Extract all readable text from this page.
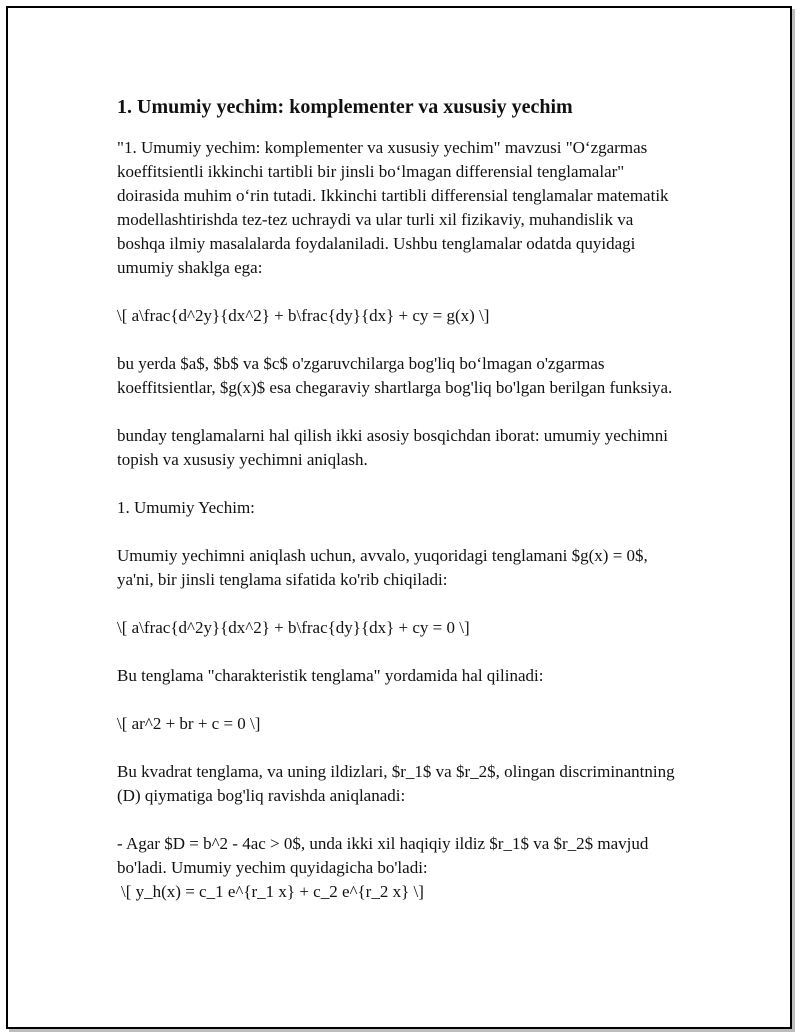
1. Umumiy yechim: komplementer va xususiy yechim

"1. Umumiy yechim: komplementer va xususiy yechim" mavzusi "O‘zgarmas koeffitsientli ikkinchi tartibli bir jinsli bo‘lmagan differensial tenglamalar" doirasida muhim o‘rin tutadi. Ikkinchi tartibli differensial tenglamalar matematik modellashtirishda tez-tez uchraydi va ular turli xil fizikaviy, muhandislik va boshqa ilmiy masalalarda foydalaniladi. Ushbu tenglamalar odatda quyidagi umumiy shaklga ega:

\[ a\frac{d^2y}{dx^2} + b\frac{dy}{dx} + cy = g(x) \]

bu yerda $a$, $b$ va $c$ o'zgaruvchilarga bog'liq bo‘lmagan o'zgarmas koeffitsientlar, $g(x)$ esa chegaraviy shartlarga bog'liq bo'lgan berilgan funksiya.

bunday tenglamalarni hal qilish ikki asosiy bosqichdan iborat: umumiy yechimni topish va xususiy yechimni aniqlash.

1. Umumiy Yechim:

Umumiy yechimni aniqlash uchun, avvalo, yuqoridagi tenglamani $g(x) = 0$, ya'ni, bir jinsli tenglama sifatida ko'rib chiqiladi:

\[ a\frac{d^2y}{dx^2} + b\frac{dy}{dx} + cy = 0 \]

Bu tenglama "charakteristik tenglama" yordamida hal qilinadi:

\[ ar^2 + br + c = 0 \]

Bu kvadrat tenglama, va uning ildizlari, $r_1$ va $r_2$, olingan discriminantning (D) qiymatiga bog'liq ravishda aniqlanadi:

- Agar $D = b^2 - 4ac > 0$, unda ikki xil haqiqiy ildiz $r_1$ va $r_2$ mavjud bo'ladi. Umumiy yechim quyidagicha bo'ladi:

\[ y_h(x) = c_1 e^{r_1 x} + c_2 e^{r_2 x} \]
